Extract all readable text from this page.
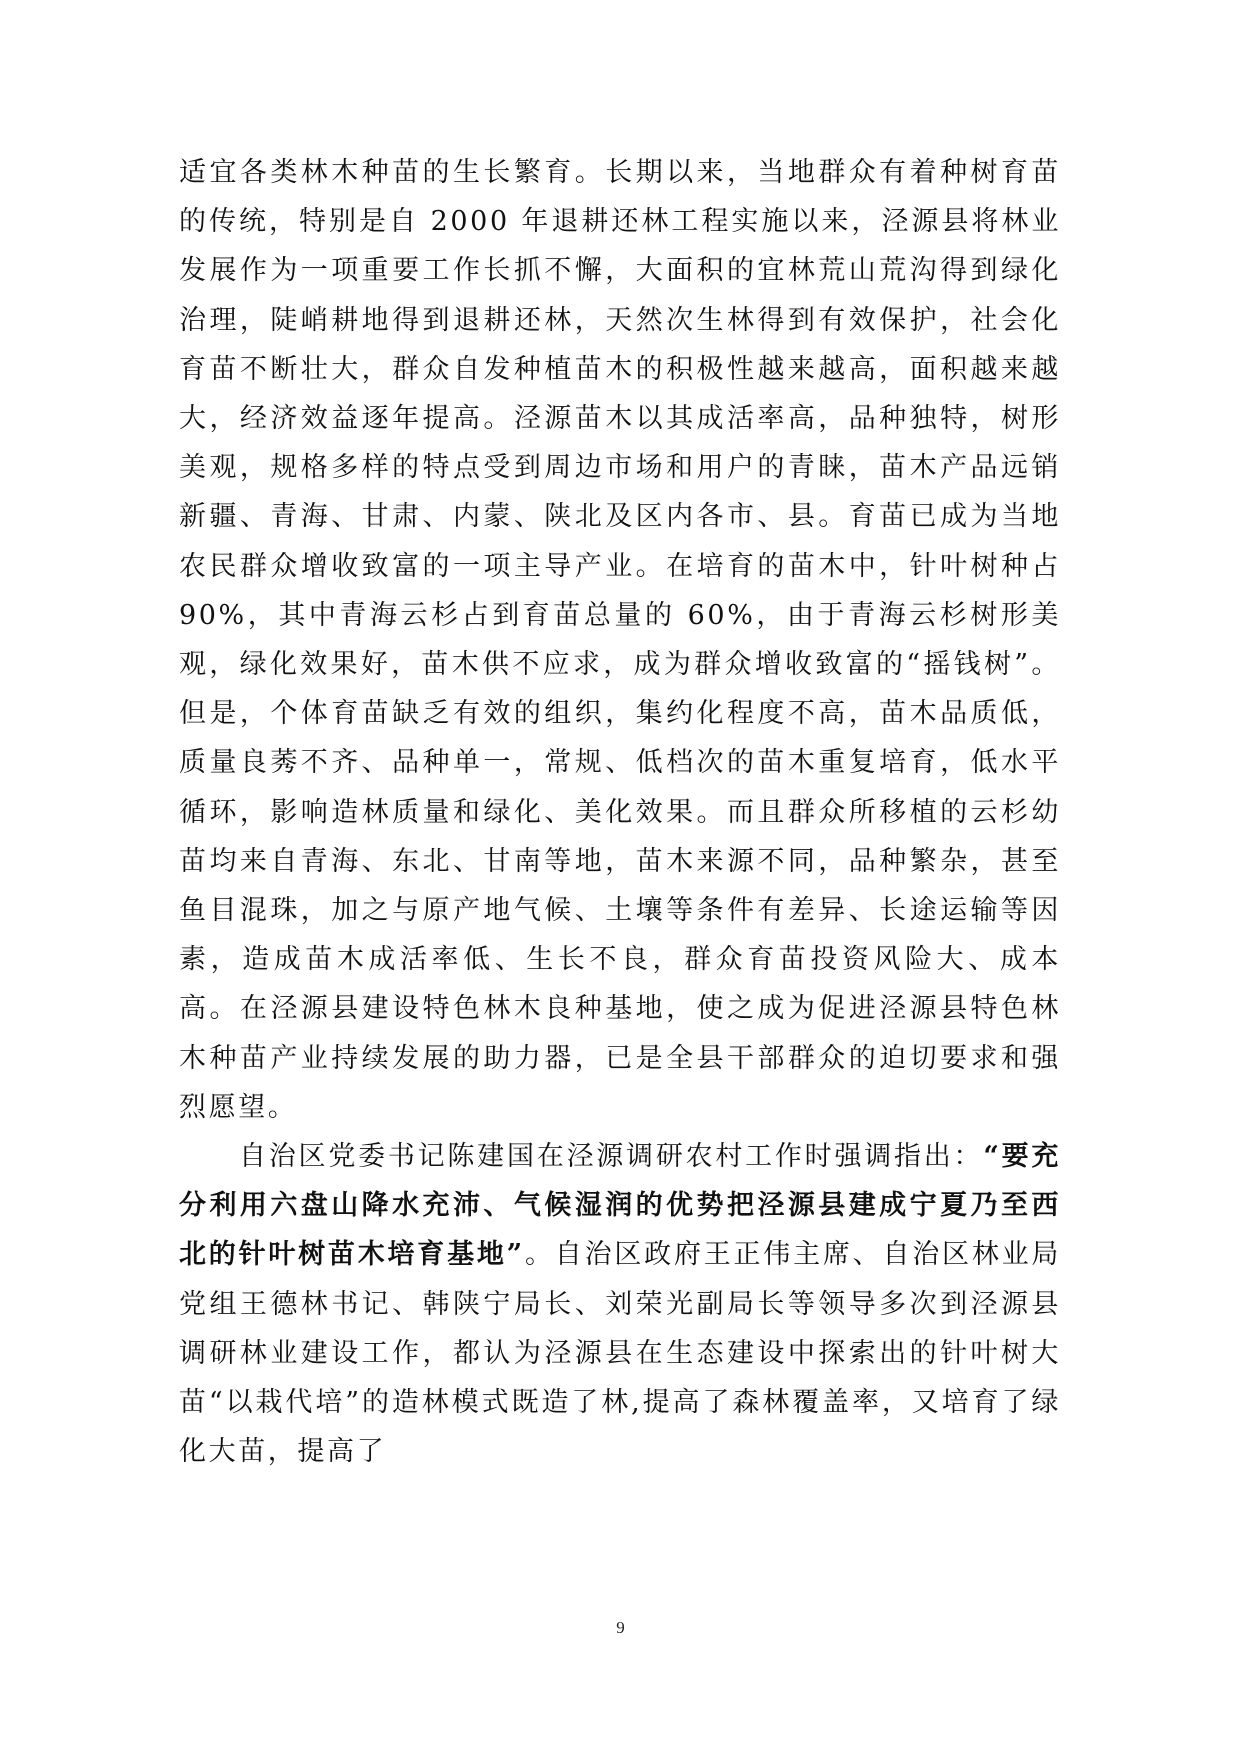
适宜各类林木种苗的生长繁育。长期以来，当地群众有着种树育苗的传统，特别是自 2000 年退耕还林工程实施以来，泾源县将林业发展作为一项重要工作长抓不懈，大面积的宜林荒山荒沟得到绿化治理，陡峭耕地得到退耕还林，天然次生林得到有效保护，社会化育苗不断壮大，群众自发种植苗木的积极性越来越高，面积越来越大，经济效益逐年提高。泾源苗木以其成活率高，品种独特，树形美观，规格多样的特点受到周边市场和用户的青睐，苗木产品远销新疆、青海、甘肃、内蒙、陕北及区内各市、县。育苗已成为当地农民群众增收致富的一项主导产业。在培育的苗木中，针叶树种占 90%，其中青海云杉占到育苗总量的 60%，由于青海云杉树形美观，绿化效果好，苗木供不应求，成为群众增收致富的“摇钱树”。但是，个体育苗缺乏有效的组织，集约化程度不高，苗木品质低，质量良莠不齐、品种单一，常规、低档次的苗木重复培育，低水平循环，影响造林质量和绿化、美化效果。而且群众所移植的云杉幼苗均来自青海、东北、甘南等地，苗木来源不同，品种繁杂，甚至鱼目混珠，加之与原产地气候、土壤等条件有差异、长途运输等因素，造成苗木成活率低、生长不良，群众育苗投资风险大、成本高。在泾源县建设特色林木良种基地，使之成为促进泾源县特色林木种苗产业持续发展的助力器，已是全县干部群众的迫切要求和强烈愿望。

自治区党委书记陈建国在泾源调研农村工作时强调指出：“要充分利用六盘山降水充沛、气候湿润的优势把泾源县建成宁夏乃至西北的针叶树苗木培育基地”。自治区政府王正伟主席、自治区林业局党组王德林书记、韩陕宁局长、刘荣光副局长等领导多次到泾源县调研林业建设工作，都认为泾源县在生态建设中探索出的针叶树大苗“以栽代培”的造林模式既造了林,提高了森林覆盖率，又培育了绿化大苗，提高了

9
